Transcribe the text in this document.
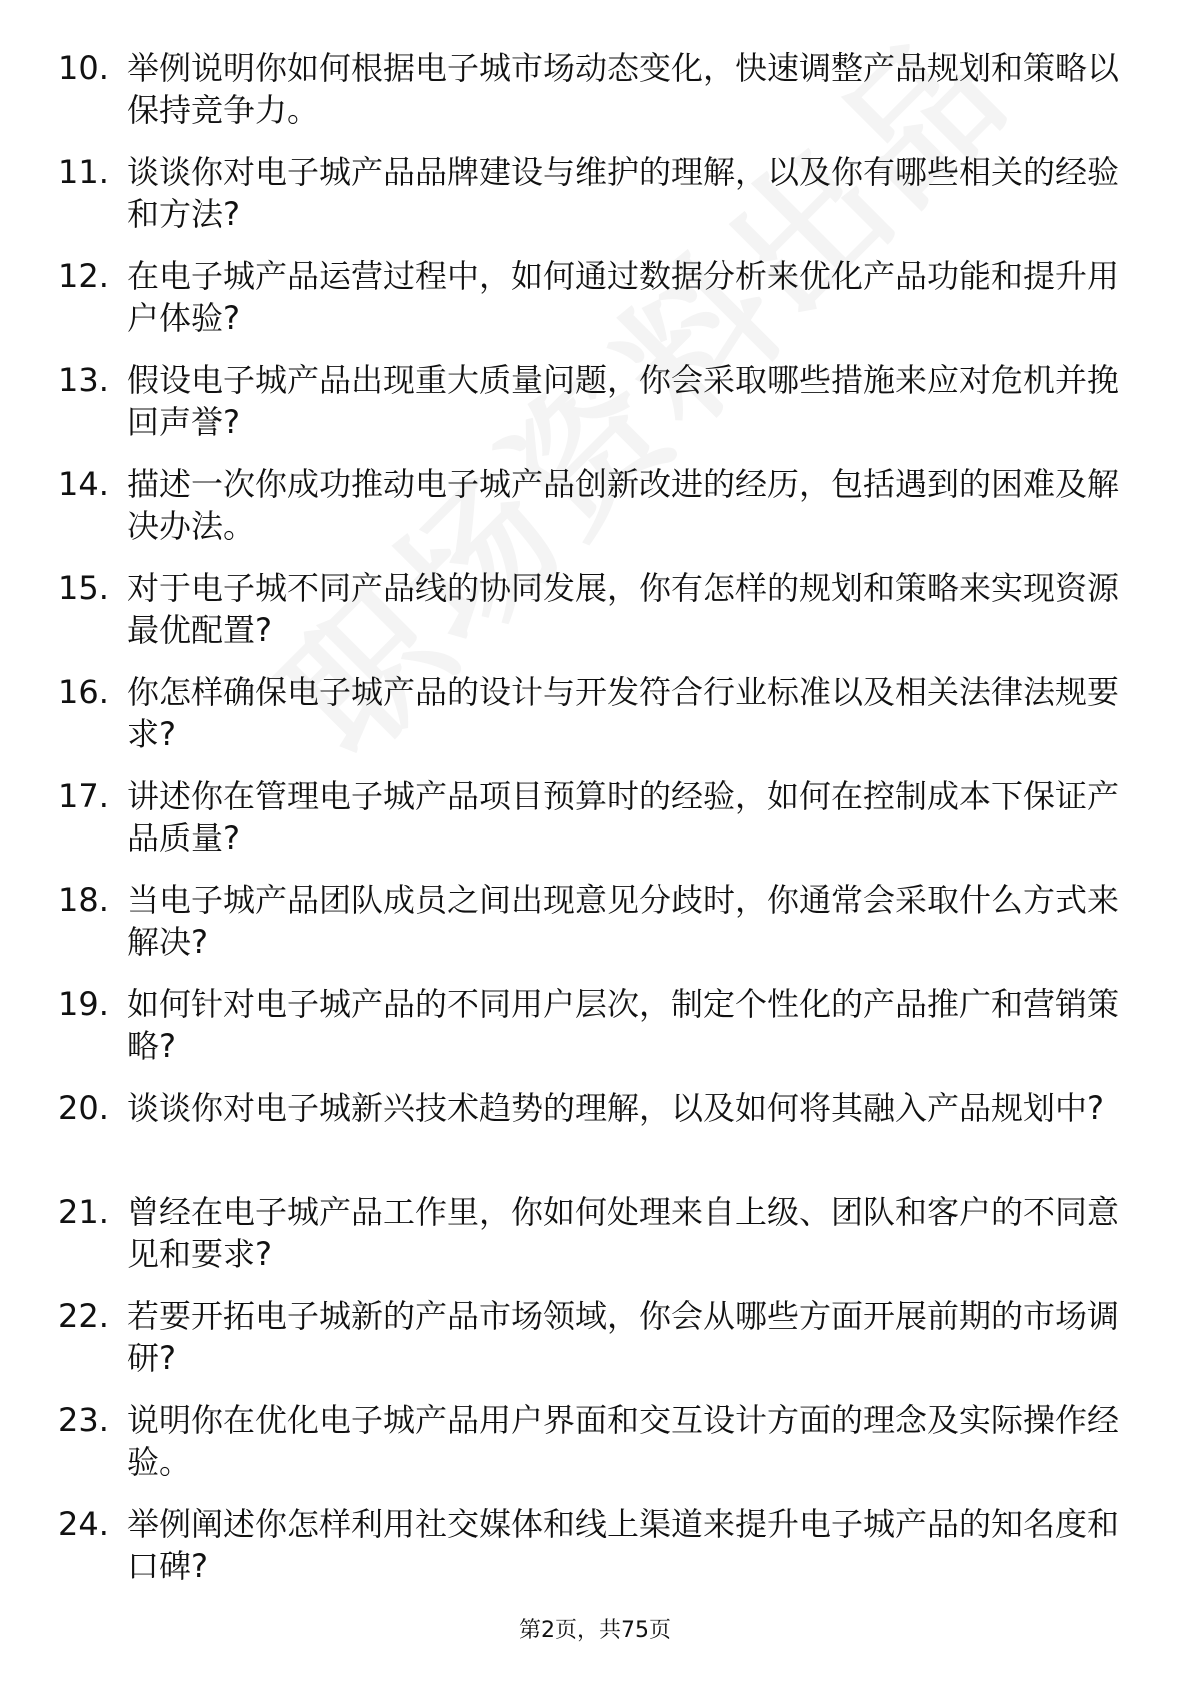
10. 举例说明你如何根据电子城市场动态变化，快速调整产品规划和策略以保持竞争力。
11. 谈谈你对电子城产品品牌建设与维护的理解，以及你有哪些相关的经验和方法?
12. 在电子城产品运营过程中，如何通过数据分析来优化产品功能和提升用户体验?
13. 假设电子城产品出现重大质量问题，你会采取哪些措施来应对危机并挽回声誉?
14. 描述一次你成功推动电子城产品创新改进的经历，包括遇到的困难及解决办法。
15. 对于电子城不同产品线的协同发展，你有怎样的规划和策略来实现资源最优配置?
16. 你怎样确保电子城产品的设计与开发符合行业标准以及相关法律法规要求?
17. 讲述你在管理电子城产品项目预算时的经验，如何在控制成本下保证产品质量?
18. 当电子城产品团队成员之间出现意见分歧时，你通常会采取什么方式来解决?
19. 如何针对电子城产品的不同用户层次，制定个性化的产品推广和营销策略?
20. 谈谈你对电子城新兴技术趋势的理解，以及如何将其融入产品规划中?
21. 曾经在电子城产品工作里，你如何处理来自上级、团队和客户的不同意见和要求?
22. 若要开拓电子城新的产品市场领域，你会从哪些方面开展前期的市场调研?
23. 说明你在优化电子城产品用户界面和交互设计方面的理念及实际操作经验。
24. 举例阐述你怎样利用社交媒体和线上渠道来提升电子城产品的知名度和口碑?
第2页，共75页
